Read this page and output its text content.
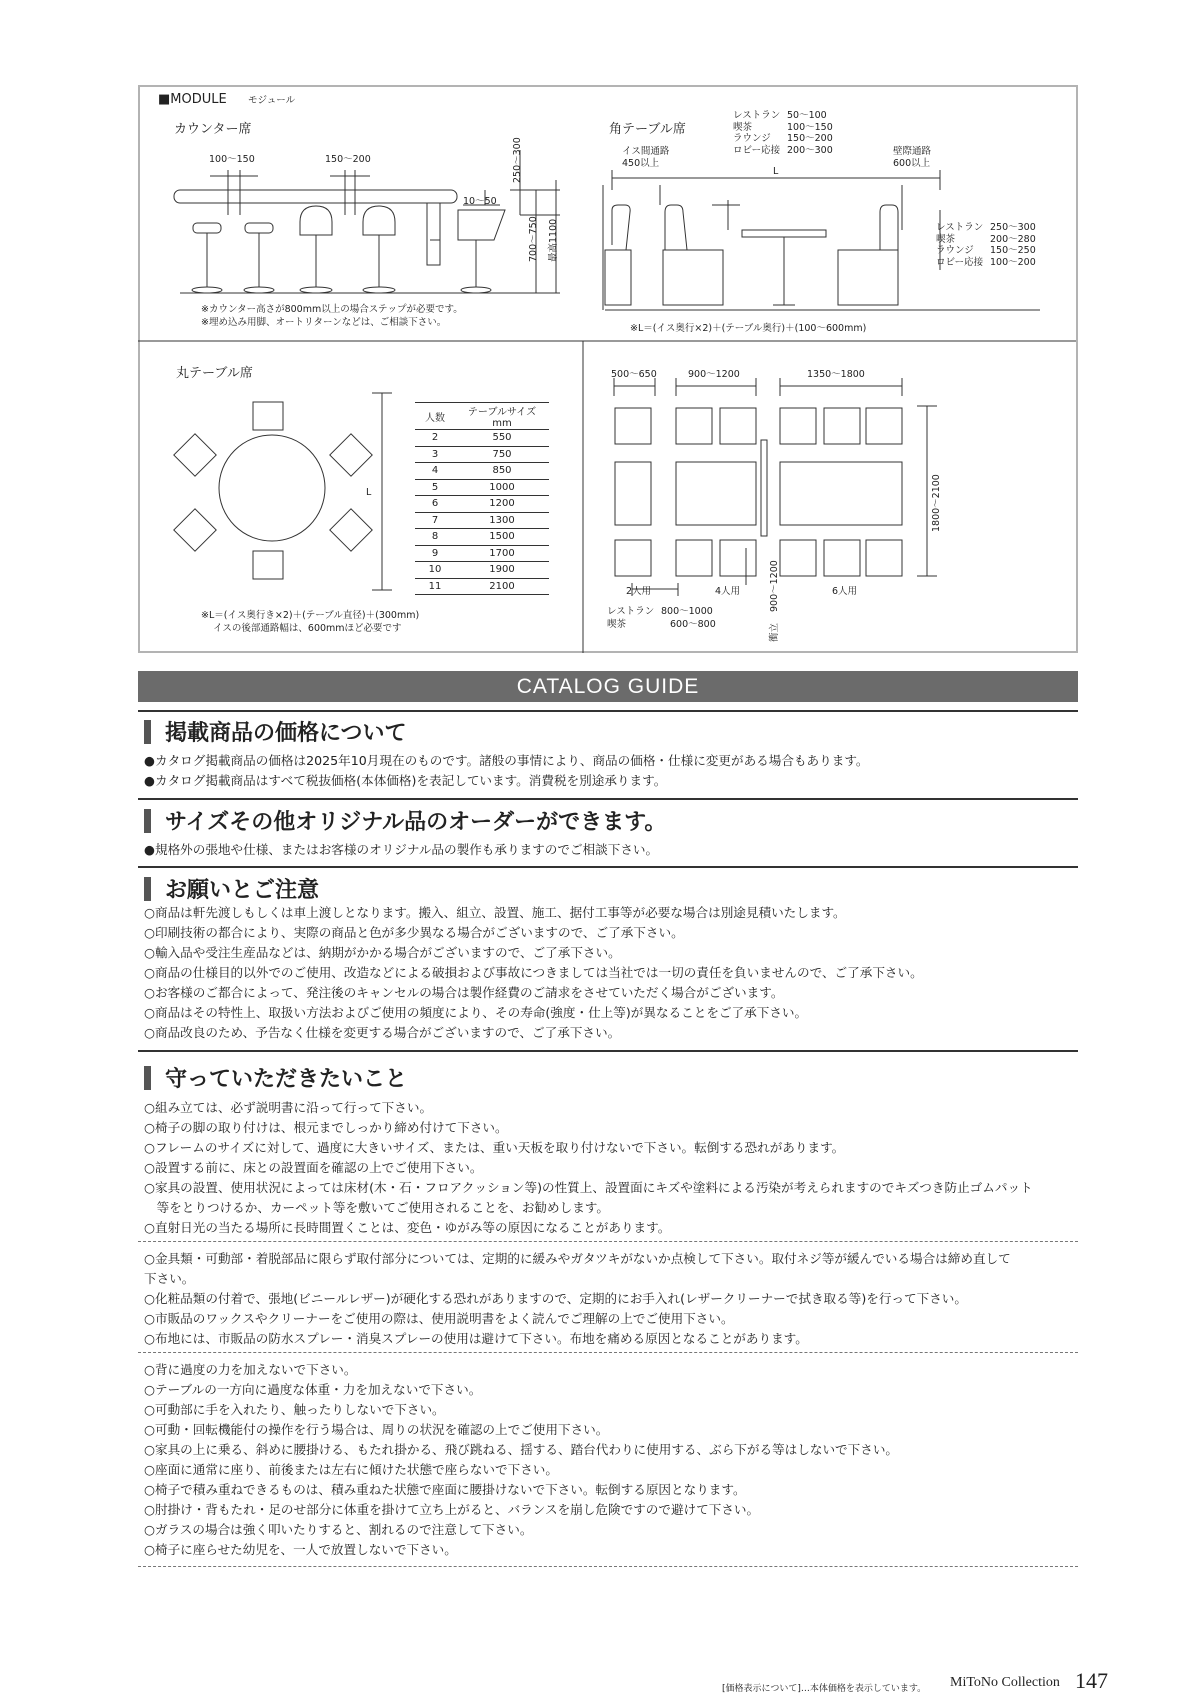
■MODULE モジュール
カウンター席
100〜150	150〜200	250〜300
10〜50
700〜750 最高1100
※カウンター高さが800mm以上の場合ステップが必要です。
※埋め込み用脚、オートリターンなどは、ご相談下さい。
角テーブル席
イス間通路
450以上
壁際通路
600以上
L
レストラン 50〜100
喫茶	100〜150
ラウンジ 150〜200
ロビー応接 200〜300
レストラン 250〜300
喫茶	200〜280
ラウンジ 150〜250
ロビー応接 100〜200
※L＝(イス奥行×2)＋(テーブル奥行)＋(100〜600mm)
丸テーブル席
L
人数	テーブルサイズ　mm
2	550
3	750
4	850
5	1000
6	1200
7	1300
8	1500
9	1700
10	1900
11	2100
※L＝(イス奥行き×2)＋(テーブル直径)＋(300mm)
イスの後部通路幅は、600mmほど必要です
500〜650	900〜1200	1350〜1800
1800〜2100
900〜1200
2人用	4人用	6人用
レストラン 800〜1000
喫茶	600〜800	衝立
CATALOG GUIDE
掲載商品の価格について
●カタログ掲載商品の価格は2025年10月現在のものです。諸般の事情により、商品の価格・仕様に変更がある場合もあります。
●カタログ掲載商品はすべて税抜価格(本体価格)を表記しています。消費税を別途承ります。
サイズその他オリジナル品のオーダーができます。
●規格外の張地や仕様、またはお客様のオリジナル品の製作も承りますのでご相談下さい。
お願いとご注意
○商品は軒先渡しもしくは車上渡しとなります。搬入、組立、設置、施工、据付工事等が必要な場合は別途見積いたします。
○印刷技術の都合により、実際の商品と色が多少異なる場合がございますので、ご了承下さい。
○輸入品や受注生産品などは、納期がかかる場合がございますので、ご了承下さい。
○商品の仕様目的以外でのご使用、改造などによる破損および事故につきましては当社では一切の責任を負いませんので、ご了承下さい。
○お客様のご都合によって、発注後のキャンセルの場合は製作経費のご請求をさせていただく場合がございます。
○商品はその特性上、取扱い方法およびご使用の頻度により、その寿命(強度・仕上等)が異なることをご了承下さい。
○商品改良のため、予告なく仕様を変更する場合がございますので、ご了承下さい。
守っていただきたいこと
○組み立ては、必ず説明書に沿って行って下さい。
○椅子の脚の取り付けは、根元までしっかり締め付けて下さい。
○フレームのサイズに対して、過度に大きいサイズ、または、重い天板を取り付けないで下さい。転倒する恐れがあります。
○設置する前に、床との設置面を確認の上でご使用下さい。
○家具の設置、使用状況によっては床材(木・石・フロアクッション等)の性質上、設置面にキズや塗料による汚染が考えられますのでキズつき防止ゴムパット
　等をとりつけるか、カーペット等を敷いてご使用されることを、お勧めします。
○直射日光の当たる場所に長時間置くことは、変色・ゆがみ等の原因になることがあります。
○金具類・可動部・着脱部品に限らず取付部分については、定期的に緩みやガタツキがないか点検して下さい。取付ネジ等が緩んでいる場合は締め直して
下さい。
○化粧品類の付着で、張地(ビニールレザー)が硬化する恐れがありますので、定期的にお手入れ(レザークリーナーで拭き取る等)を行って下さい。
○市販品のワックスやクリーナーをご使用の際は、使用説明書をよく読んでご理解の上でご使用下さい。
○布地には、市販品の防水スプレー・消臭スプレーの使用は避けて下さい。布地を痛める原因となることがあります。
○背に過度の力を加えないで下さい。
○テーブルの一方向に過度な体重・力を加えないで下さい。
○可動部に手を入れたり、触ったりしないで下さい。
○可動・回転機能付の操作を行う場合は、周りの状況を確認の上でご使用下さい。
○家具の上に乗る、斜めに腰掛ける、もたれ掛かる、飛び跳ねる、揺する、踏台代わりに使用する、ぶら下がる等はしないで下さい。
○座面に通常に座り、前後または左右に傾けた状態で座らないで下さい。
○椅子で積み重ねできるものは、積み重ねた状態で座面に腰掛けないで下さい。転倒する原因となります。
○肘掛け・背もたれ・足のせ部分に体重を掛けて立ち上がると、バランスを崩し危険ですので避けて下さい。
○ガラスの場合は強く叩いたりすると、割れるので注意して下さい。
○椅子に座らせた幼児を、一人で放置しないで下さい。
[価格表示について]…本体価格を表示しています。 MiToNo Collection 147
